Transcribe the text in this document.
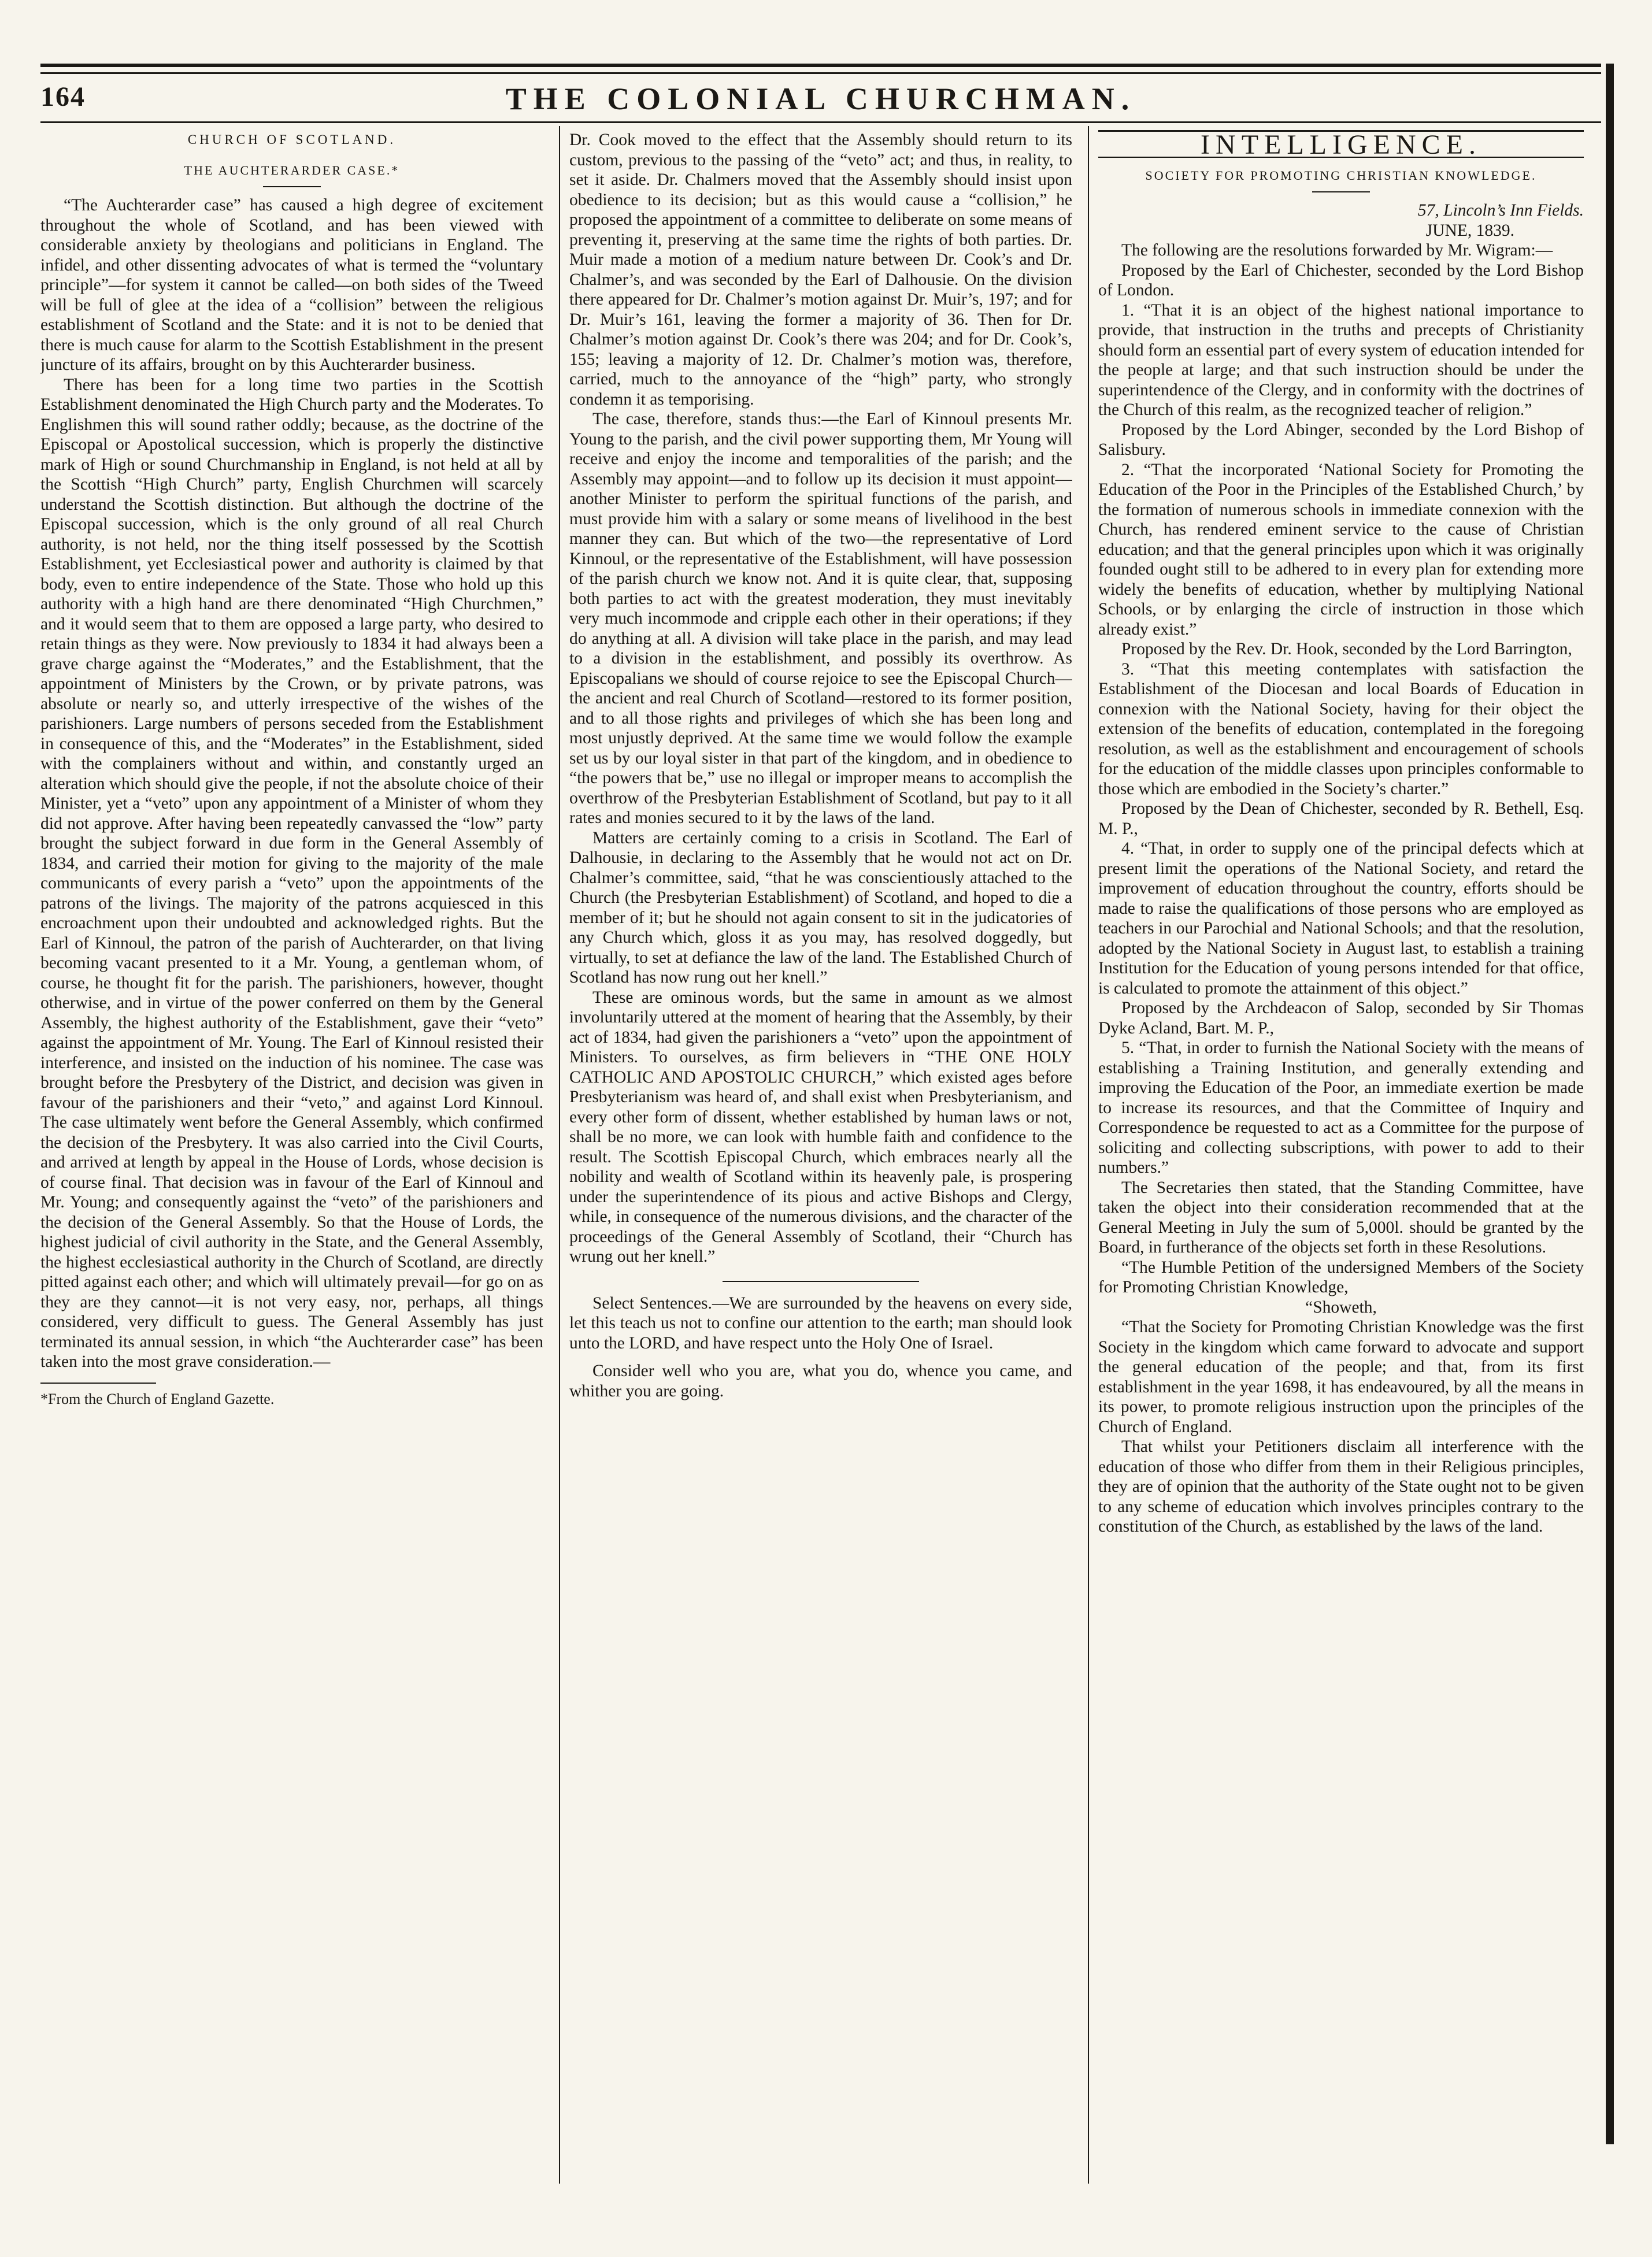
164	THE COLONIAL CHURCHMAN.
CHURCH OF SCOTLAND.
THE AUCHTERARDER CASE.*

“The Auchterarder case” has caused a high degree of excitement throughout the whole of Scotland, and has been viewed with considerable anxiety by theologians and politicians in England. The infidel, and other dissenting advocates of what is termed the “voluntary principle”—for system it cannot be called—on both sides of the Tweed will be full of glee at the idea of a “collision” between the religious establishment of Scotland and the State: and it is not to be denied that there is much cause for alarm to the Scottish Establishment in the present juncture of its affairs, brought on by this Auchterarder business.

There has been for a long time two parties in the Scottish Establishment denominated the High Church party and the Moderates. To Englishmen this will sound rather oddly; because, as the doctrine of the Episcopal or Apostolical succession, which is properly the distinctive mark of High or sound Churchmanship in England, is not held at all by the Scottish “High Church” party, English Churchmen will scarcely understand the Scottish distinction. But although the doctrine of the Episcopal succession, which is the only ground of all real Church authority, is not held, nor the thing itself possessed by the Scottish Establishment, yet Ecclesiastical power and authority is claimed by that body, even to entire independence of the State. Those who hold up this authority with a high hand are there denominated “High Churchmen,” and it would seem that to them are opposed a large party, who desired to retain things as they were. Now previously to 1834 it had always been a grave charge against the “Moderates,” and the Establishment, that the appointment of Ministers by the Crown, or by private patrons, was absolute or nearly so, and utterly irrespective of the wishes of the parishioners. Large numbers of persons seceded from the Establishment in consequence of this, and the “Moderates” in the Establishment, sided with the complainers without and within, and constantly urged an alteration which should give the people, if not the absolute choice of their Minister, yet a “veto” upon any appointment of a Minister of whom they did not approve. After having been repeatedly canvassed the “low” party brought the subject forward in due form in the General Assembly of 1834, and carried their motion for giving to the majority of the male communicants of every parish a “veto” upon the appointments of the patrons of the livings. The majority of the patrons acquiesced in this encroachment upon their undoubted and acknowledged rights. But the Earl of Kinnoul, the patron of the parish of Auchterarder, on that living becoming vacant presented to it a Mr. Young, a gentleman whom, of course, he thought fit for the parish. The parishioners, however, thought otherwise, and in virtue of the power conferred on them by the General Assembly, the highest authority of the Establishment, gave their “veto” against the appointment of Mr. Young. The Earl of Kinnoul resisted their interference, and insisted on the induction of his nominee. The case was brought before the Presbytery of the District, and decision was given in favour of the parishioners and their “veto,” and against Lord Kinnoul. The case ultimately went before the General Assembly, which confirmed the decision of the Presbytery. It was also carried into the Civil Courts, and arrived at length by appeal in the House of Lords, whose decision is of course final. That decision was in favour of the Earl of Kinnoul and Mr. Young; and consequently against the “veto” of the parishioners and the decision of the General Assembly. So that the House of Lords, the highest judicial of civil authority in the State, and the General Assembly, the highest ecclesiastical authority in the Church of Scotland, are directly pitted against each other; and which will ultimately prevail—for go on as they are they cannot—it is not very easy, nor, perhaps, all things considered, very difficult to guess. The General Assembly has just terminated its annual session, in which “the Auchterarder case” has been taken into the most grave consideration.—

*From the Church of England Gazette.

Dr. Cook moved to the effect that the Assembly should return to its custom, previous to the passing of the “veto” act; and thus, in reality, to set it aside. Dr. Chalmers moved that the Assembly should insist upon obedience to its decision; but as this would cause a “collision,” he proposed the appointment of a committee to deliberate on some means of preventing it, preserving at the same time the rights of both parties. Dr. Muir made a motion of a medium nature between Dr. Cook’s and Dr. Chalmer’s, and was seconded by the Earl of Dalhousie. On the division there appeared for Dr. Chalmer’s motion against Dr. Muir’s, 197; and for Dr. Muir’s 161, leaving the former a majority of 36. Then for Dr. Chalmer’s motion against Dr. Cook’s there was 204; and for Dr. Cook’s, 155; leaving a majority of 12. Dr. Chalmer’s motion was, therefore, carried, much to the annoyance of the “high” party, who strongly condemn it as temporising.

The case, therefore, stands thus:—the Earl of Kinnoul presents Mr. Young to the parish, and the civil power supporting them, Mr Young will receive and enjoy the income and temporalities of the parish; and the Assembly may appoint—and to follow up its decision it must appoint—another Minister to perform the spiritual functions of the parish, and must provide him with a salary or some means of livelihood in the best manner they can. But which of the two—the representative of Lord Kinnoul, or the representative of the Establishment, will have possession of the parish church we know not. And it is quite clear, that, supposing both parties to act with the greatest moderation, they must inevitably very much incommode and cripple each other in their operations; if they do anything at all. A division will take place in the parish, and may lead to a division in the establishment, and possibly its overthrow. As Episcopalians we should of course rejoice to see the Episcopal Church—the ancient and real Church of Scotland—restored to its former position, and to all those rights and privileges of which she has been long and most unjustly deprived. At the same time we would follow the example set us by our loyal sister in that part of the kingdom, and in obedience to “the powers that be,” use no illegal or improper means to accomplish the overthrow of the Presbyterian Establishment of Scotland, but pay to it all rates and monies secured to it by the laws of the land.

Matters are certainly coming to a crisis in Scotland. The Earl of Dalhousie, in declaring to the Assembly that he would not act on Dr. Chalmer’s committee, said, “that he was conscientiously attached to the Church (the Presbyterian Establishment) of Scotland, and hoped to die a member of it; but he should not again consent to sit in the judicatories of any Church which, gloss it as you may, has resolved doggedly, but virtually, to set at defiance the law of the land. The Established Church of Scotland has now rung out her knell.”

These are ominous words, but the same in amount as we almost involuntarily uttered at the moment of hearing that the Assembly, by their act of 1834, had given the parishioners a “veto” upon the appointment of Ministers. To ourselves, as firm believers in “THE ONE HOLY CATHOLIC AND APOSTOLIC CHURCH,” which existed ages before Presbyterianism was heard of, and shall exist when Presbyterianism, and every other form of dissent, whether established by human laws or not, shall be no more, we can look with humble faith and confidence to the result. The Scottish Episcopal Church, which embraces nearly all the nobility and wealth of Scotland within its heavenly pale, is prospering under the superintendence of its pious and active Bishops and Clergy, while, in consequence of the numerous divisions, and the character of the proceedings of the General Assembly of Scotland, their “Church has wrung out her knell.”

Select Sentences.—We are surrounded by the heavens on every side, let this teach us not to confine our attention to the earth; man should look unto the LORD, and have respect unto the Holy One of Israel.

Consider well who you are, what you do, whence you came, and whither you are going.

INTELLIGENCE.
SOCIETY FOR PROMOTING CHRISTIAN KNOWLEDGE.

57, Lincoln’s Inn Fields.

JUNE, 1839.

The following are the resolutions forwarded by Mr. Wigram:—

Proposed by the Earl of Chichester, seconded by the Lord Bishop of London.

1. “That it is an object of the highest national importance to provide, that instruction in the truths and precepts of Christianity should form an essential part of every system of education intended for the people at large; and that such instruction should be under the superintendence of the Clergy, and in conformity with the doctrines of the Church of this realm, as the recognized teacher of religion.”

Proposed by the Lord Abinger, seconded by the Lord Bishop of Salisbury.

2. “That the incorporated ‘National Society for Promoting the Education of the Poor in the Principles of the Established Church,’ by the formation of numerous schools in immediate connexion with the Church, has rendered eminent service to the cause of Christian education; and that the general principles upon which it was originally founded ought still to be adhered to in every plan for extending more widely the benefits of education, whether by multiplying National Schools, or by enlarging the circle of instruction in those which already exist.”

Proposed by the Rev. Dr. Hook, seconded by the Lord Barrington,

3. “That this meeting contemplates with satisfaction the Establishment of the Diocesan and local Boards of Education in connexion with the National Society, having for their object the extension of the benefits of education, contemplated in the foregoing resolution, as well as the establishment and encouragement of schools for the education of the middle classes upon principles conformable to those which are embodied in the Society’s charter.”

Proposed by the Dean of Chichester, seconded by R. Bethell, Esq. M. P.,

4. “That, in order to supply one of the principal defects which at present limit the operations of the National Society, and retard the improvement of education throughout the country, efforts should be made to raise the qualifications of those persons who are employed as teachers in our Parochial and National Schools; and that the resolution, adopted by the National Society in August last, to establish a training Institution for the Education of young persons intended for that office, is calculated to promote the attainment of this object.”

Proposed by the Archdeacon of Salop, seconded by Sir Thomas Dyke Acland, Bart. M. P.,

5. “That, in order to furnish the National Society with the means of establishing a Training Institution, and generally extending and improving the Education of the Poor, an immediate exertion be made to increase its resources, and that the Committee of Inquiry and Correspondence be requested to act as a Committee for the purpose of soliciting and collecting subscriptions, with power to add to their numbers.”

The Secretaries then stated, that the Standing Committee, have taken the object into their consideration recommended that at the General Meeting in July the sum of 5,000l. should be granted by the Board, in furtherance of the objects set forth in these Resolutions.

“The Humble Petition of the undersigned Members of the Society for Promoting Christian Knowledge,

“Showeth,

“That the Society for Promoting Christian Knowledge was the first Society in the kingdom which came forward to advocate and support the general education of the people; and that, from its first establishment in the year 1698, it has endeavoured, by all the means in its power, to promote religious instruction upon the principles of the Church of England.

That whilst your Petitioners disclaim all interference with the education of those who differ from them in their Religious principles, they are of opinion that the authority of the State ought not to be given to any scheme of education which involves principles contrary to the constitution of the Church, as established by the laws of the land.
